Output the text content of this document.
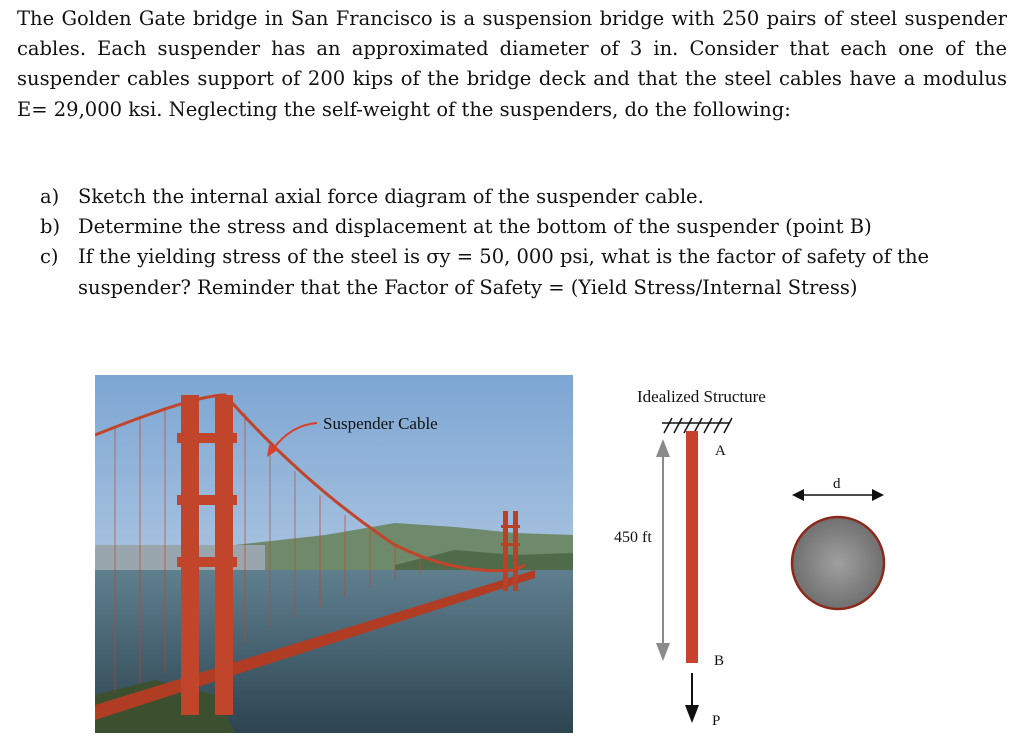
The Golden Gate bridge in San Francisco is a suspension bridge with 250 pairs of steel suspender cables. Each suspender has an approximated diameter of 3 in. Consider that each one of the suspender cables support of 200 kips of the bridge deck and that the steel cables have a modulus E= 29,000 ksi. Neglecting the self-weight of the suspenders, do the following:
a) Sketch the internal axial force diagram of the suspender cable.
b) Determine the stress and displacement at the bottom of the suspender (point B)
c) If the yielding stress of the steel is σy = 50, 000 psi, what is the factor of safety of the suspender? Reminder that the Factor of Safety = (Yield Stress/Internal Stress)
Suspender Cable
Idealized Structure
A
450 ft
B
P
d
